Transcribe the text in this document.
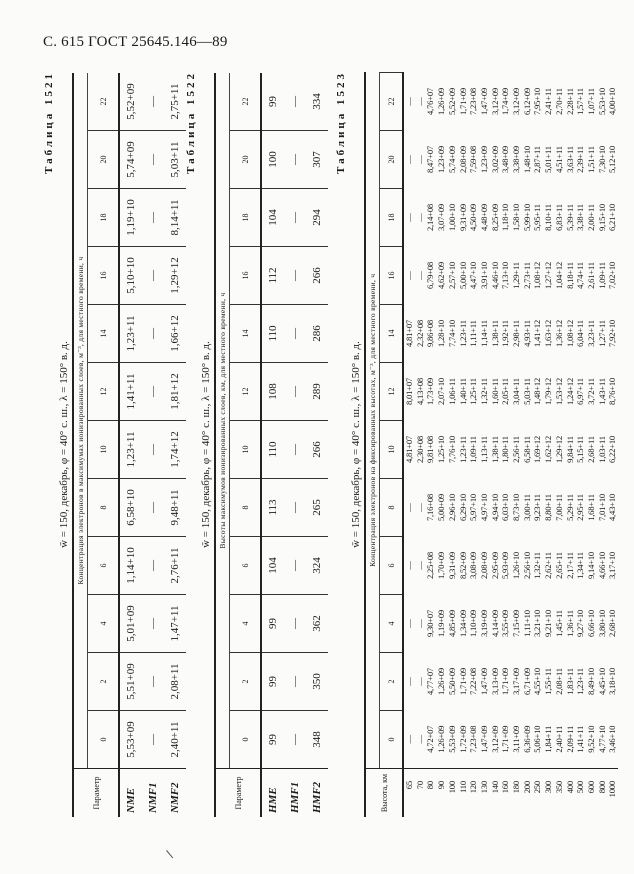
С. 615 ГОСТ 25645.146—89
Таблица 1521
w̄ = 150, декабрь, φ = 40° с. ш., λ = 150° в. д.
Параметр	Концентрация электронов в максимумах ионизированных слоев, м⁻³, для местного времени, ч											
	0	2	4	6	8	10	12	14	16	18	20	22
NME	5,53+09	5,51+09	5,01+09	1,14+10	6,58+10	1,23+11	1,41+11	1,23+11	5,10+10	1,19+10	5,74+09	5,52+09
NMF1	—	—	—	—	—	—	—	—	—	—	—	—
NMF2	2,40+11	2,08+11	1,47+11	2,76+11	9,48+11	1,74+12	1,81+12	1,66+12	1,29+12	8,14+11	5,03+11	2,75+11 Таблица 1522
w̄ = 150, декабрь, φ = 40° с. ш., λ = 150° в. д.
Параметр	Высоты максимумов ионизированных слоев, км, для местного времени, ч											
	0	2	4	6	8	10	12	14	16	18	20	22
HME	99	99	99	104	113	110	108	110	112	104	100	99
HMF1	—	—	—	—	—	—	—	—	—	—	—	—
HMF2	348	350	362	324	265	266	289	286	266	294	307	334 Таблица 1523
w̄ = 150, декабрь, φ = 40° с. ш., λ = 150° в. д.
Высота, км	Концентрация электронов на фиксированных высотах, м⁻³, для местного времени, ч											
	0	2	4	6	8	10	12	14	16	18	20	22
65	—	—	—	—	—	4,81+07	8,01+07	4,81+07	—	—	—	—
70	—	—	—	—	—	2,30+08	4,13+08	2,32+08	—	—	—	—
80	4,72+07	4,77+07	9,30+07	2,25+08	7,16+08	9,81+08	1,73+09	9,86+08	6,79+08	2,14+08	8,47+07	4,76+07
90	1,26+09	1,26+09	1,19+09	1,70+09	5,00+09	1,25+10	2,07+10	1,28+10	4,62+09	3,07+09	1,23+09	1,26+09
100	5,53+09	5,50+09	4,85+09	9,31+09	2,96+10	7,76+10	1,06+11	7,74+10	2,57+10	1,00+10	5,74+09	5,52+09
110	1,72+09	1,71+09	1,34+09	8,52+09	6,29+10	1,23+11	1,40+11	1,23+11	5,00+10	9,31+09	2,08+09	1,71+09
120	7,23+08	7,22+08	1,10+09	3,08+09	5,97+10	1,09+11	1,25+11	1,11+11	4,47+10	4,50+09	7,59+08	7,23+08
130	1,47+09	1,47+09	3,19+09	2,08+09	4,97+10	1,13+11	1,32+11	1,14+11	3,91+10	4,48+09	1,23+09	1,47+09
140	3,12+09	3,13+09	4,14+09	2,95+09	4,94+10	1,38+11	1,60+11	1,38+11	4,46+10	8,25+09	3,02+09	3,12+09
160	1,71+09	1,71+09	3,55+09	5,93+09	6,03+10	1,80+11	2,05+11	1,92+11	7,13+10	1,18+10	3,48+09	1,74+09
180	3,11+09	3,17+09	7,15+09	1,26+10	8,73+10	2,56+11	3,04+11	2,98+11	1,29+11	1,58+10	3,38+09	3,12+09
200	6,36+09	6,71+09	1,11+10	2,56+10	3,00+11	6,58+11	5,03+11	4,93+11	2,73+11	5,99+10	1,48+10	6,12+09
250	5,06+10	4,55+10	3,21+10	1,32+11	9,23+11	1,69+12	1,48+12	1,41+12	1,08+12	5,95+11	2,87+11	7,95+10
300	1,84+11	1,55+11	9,21+10	2,62+11	8,80+11	1,62+12	1,79+12	1,63+12	1,27+12	8,10+11	5,01+11	2,41+11
350	2,40+11	2,08+11	1,45+11	2,65+11	7,00+11	1,29+12	1,53+12	1,36+12	1,04+12	6,83+11	4,51+11	2,70+11
400	2,09+11	1,83+11	1,36+11	2,17+11	5,29+11	9,84+11	1,24+12	1,08+12	8,18+11	5,39+11	3,63+11	2,28+11
500	1,41+11	1,23+11	9,27+10	1,34+11	2,95+11	5,15+11	6,97+11	6,04+11	4,74+11	3,38+11	2,39+11	1,57+11
600	9,52+10	8,49+10	6,66+10	9,14+10	1,68+11	2,68+11	3,72+11	3,23+11	2,61+11	2,00+11	1,51+11	1,07+11
800	4,77+10	4,45+10	3,80+10	4,66+10	7,01+10	1,03+11	1,43+11	1,27+11	1,09+11	9,15+10	7,30+10	5,53+10
1000	3,46+10	3,18+10	2,68+10	3,17+10	4,43+10	6,22+10	8,76+10	7,92+10	7,02+10	6,21+10	5,12+10	4,00+10
